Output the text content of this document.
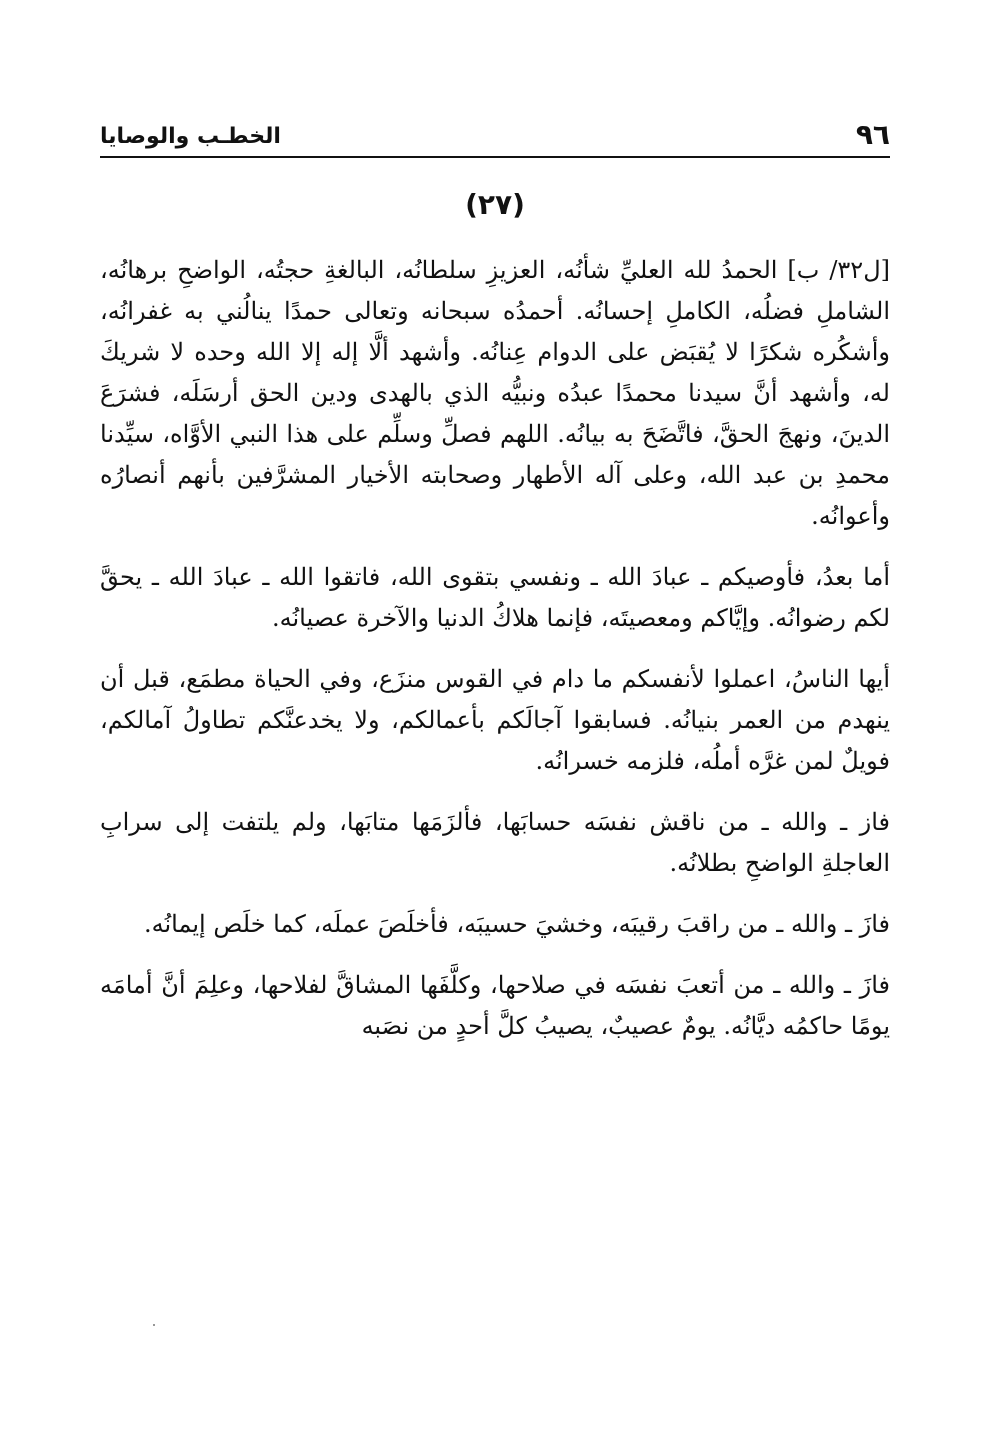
الخطـب والوصايا	٩٦
(٢٧)

[ل٣٢/ ب] الحمدُ لله العليِّ شأنُه، العزيزِ سلطانُه، البالغةِ حجتُه، الواضحِ برهانُه، الشاملِ فضلُه، الكاملِ إحسانُه. أحمدُه سبحانه وتعالى حمدًا ينالُني به غفرانُه، وأشكُره شكرًا لا يُقبَض على الدوام عِنانُه. وأشهد ألَّا إله إلا الله وحده لا شريكَ له، وأشهد أنَّ سيدنا محمدًا عبدُه ونبيُّه الذي بالهدى ودين الحق أرسَلَه، فشرَعَ الدينَ، ونهجَ الحقَّ، فاتَّضَحَ به بيانُه. اللهم فصلِّ وسلِّم على هذا النبي الأوَّاه، سيِّدنا محمدِ بن عبد الله، وعلى آله الأطهار وصحابته الأخيار المشرَّفين بأنهم أنصارُه وأعوانُه.

أما بعدُ، فأوصيكم ـ عبادَ الله ـ ونفسي بتقوى الله، فاتقوا الله ـ عبادَ الله ـ يحقَّ لكم رضوانُه. وإيَّاكم ومعصيتَه، فإنما هلاكُ الدنيا والآخرة عصيانُه.

أيها الناسُ، اعملوا لأنفسكم ما دام في القوس منزَع، وفي الحياة مطمَع، قبل أن ينهدم من العمر بنيانُه. فسابقوا آجالَكم بأعمالكم، ولا يخدعنَّكم تطاولُ آمالكم، فويلٌ لمن غرَّه أملُه، فلزمه خسرانُه.

فاز ـ والله ـ من ناقش نفسَه حسابَها، فألزَمَها متابَها، ولم يلتفت إلى سرابِ العاجلةِ الواضحِ بطلانُه.

فازَ ـ والله ـ من راقبَ رقيبَه، وخشيَ حسيبَه، فأخلَصَ عملَه، كما خلَص إيمانُه.

فازَ ـ والله ـ من أتعبَ نفسَه في صلاحها، وكلَّفَها المشاقَّ لفلاحها، وعلِمَ أنَّ أمامَه يومًا حاكمُه ديَّانُه. يومٌ عصيبٌ، يصيبُ كلَّ أحدٍ من نصَبه
